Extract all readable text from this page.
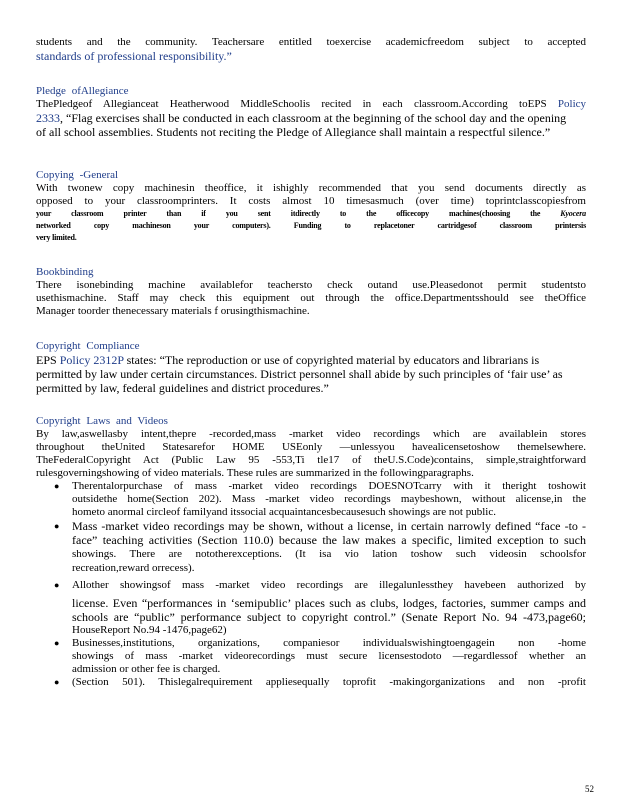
students and the community. Teachersare entitled toexercise academicfreedom subject to accepted
standards of professional responsibility.”

Pledge ofAllegiance

ThePledgeof Allegianceat Heatherwood MiddleSchoolis recited in each classroom.According toEPS Policy
2333, “Flag exercises shall be conducted in each classroom at the beginning of the school day and the opening
of all school assemblies. Students not reciting the Pledge of Allegiance shall maintain a respectful silence.”

Copying -General

With twonew copy machinesin theoffice, it ishighly recommended that you send documents directly as
opposed to your classroomprinters. It costs almost 10 timesasmuch (over time) toprintclasscopiesfrom
your classroom printer than if you sent itdirectly to the officecopy machines(choosing the	Kyocera
networked copy machineson your computers). Funding to replacetoner cartridgesof classroom printersis
very limited.

Bookbinding

There isonebinding machine availablefor teachersto check outand use.Pleasedonot permit studentsto
usethismachine. Staff may check this equipment out through the office.Departmentsshould see theOffice
Manager toorder thenecessary materials f orusingthismachine.

Copyright Compliance

EPS Policy 2312P states: “The reproduction or use of copyrighted material by educators and librarians is
permitted by law under certain circumstances. District personnel shall abide by such principles of ‘fair use’ as
permitted by law, federal guidelines and district procedures.”

Copyright Laws and Videos

By law,aswellasby intent,thepre -recorded,mass -market video recordings which are availablein stores
throughout theUnited Statesarefor HOME USEonly —unlessyou havealicensetoshow themelsewhere.
TheFederalCopyright Act (Public Law 95 -553,Ti tle17 of theU.S.Code)contains, simple,straightforward
rulesgoverningshowing of video materials. These rules are summarized in the followingparagraphs.
● Therentalorpurchase of mass -market video recordings DOESNOTcarry with it theright toshowit
outsidethe home(Section 202). Mass -market video recordings maybeshown, without alicense,in the
hometo anormal circleof familyand itssocial acquaintancesbecausesuch showings are not public.
● Mass -market video recordings may be shown, without a license, in certain narrowly defined “face -to -
face” teaching activities (Section 110.0) because the law makes a specific, limited exception to such
showings. There are nototherexceptions. (It isa vio lation toshow such videosin schoolsfor
recreation,reward orrecess).
● Allother showingsof mass -market video recordings are illegalunlessthey havebeen authorized by
license. Even “performances in ‘semipublic’ places such as clubs, lodges, factories, summer camps and
schools are “public” performance subject to copyright control.” (Senate Report No. 94 -473,page60;
HouseReport No.94 -1476,page62)
● Businesses,institutions, organizations, companiesor individualswishingtoengagein non -home
showings of mass -market videorecordings must secure licensestodoto —regardlessof whether an
admission or other fee is charged.
● (Section 501). Thislegalrequirement appliesequally toprofit -makingorganizations and non -profit
52
